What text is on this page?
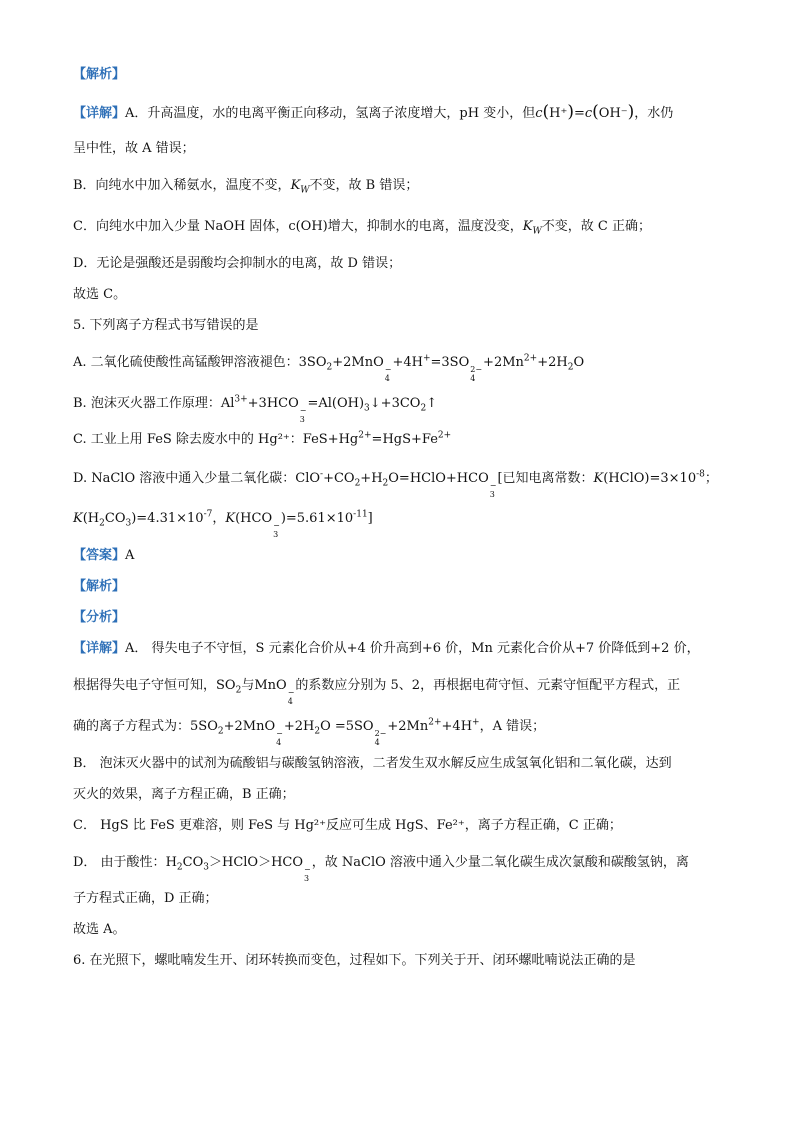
【解析】
【详解】A．升高温度，水的电离平衡正向移动，氢离子浓度增大，pH 变小，但c(H⁺)=c(OH⁻)，水仍
呈中性，故 A 错误；
B．向纯水中加入稀氨水，温度不变，$K_W$不变，故 B 错误；
C．向纯水中加入少量 NaOH 固体，c(OH)增大，抑制水的电离，温度没变，$K_W$不变，故 C 正确；
D．无论是强酸还是弱酸均会抑制水的电离，故 D 错误；
故选 C。
5. 下列离子方程式书写错误的是
A. 二氧化硫使酸性高锰酸钾溶液褪色：$3SO_2+2MnO$ −
4
+4H+=3SO 2−
4
$+2Mn^{2+}+2H_2O$
B. 泡沫灭火器工作原理：$Al^{3+}+3HCO$ −
3
$=Al(OH)_3↓+3CO_2↑$
C. 工业上用 FeS 除去废水中的 Hg²⁺：$FeS+Hg^{2+}=HgS+Fe^{2+}$
D. NaClO 溶液中通入少量二氧化碳：$ClO^-+CO_2+H_2O=HClO+HCO$ −
3
[已知电离常数：$K(HClO)=3\times 10^{-8}$；
$K(H_2CO_3)=4.31\times 10^{-7}$，K(HCO −
3
)$=5.61\times 10^{-11}$]
【答案】A
【解析】
【分析】
【详解】A． 得失电子不守恒，S 元素化合价从+4 价升高到+6 价，Mn 元素化合价从+7 价降低到+2 价，
根据得失电子守恒可知，$SO_2$与MnO −
4
的系数应分别为 5、2，再根据电荷守恒、元素守恒配平方程式，正
确的离子方程式为：$5SO_2+2MnO$ −
4
$+2H_2O =5SO$ 2−
4
$+2Mn^{2+}+4H^+$，A 错误；
B． 泡沫灭火器中的试剂为硫酸铝与碳酸氢钠溶液，二者发生双水解反应生成氢氧化铝和二氧化碳，达到
灭火的效果，离子方程正确，B 正确；
C． HgS 比 FeS 更难溶，则 FeS 与 Hg²⁺反应可生成 HgS、Fe²⁺，离子方程正确，C 正确；
D． 由于酸性：$H_2CO_3>HClO>HCO$ −
3
，故 NaClO 溶液中通入少量二氧化碳生成次氯酸和碳酸氢钠，离
子方程式正确，D 正确；
故选 A。
6. 在光照下，螺吡喃发生开、闭环转换而变色，过程如下。下列关于开、闭环螺吡喃说法正确的是
